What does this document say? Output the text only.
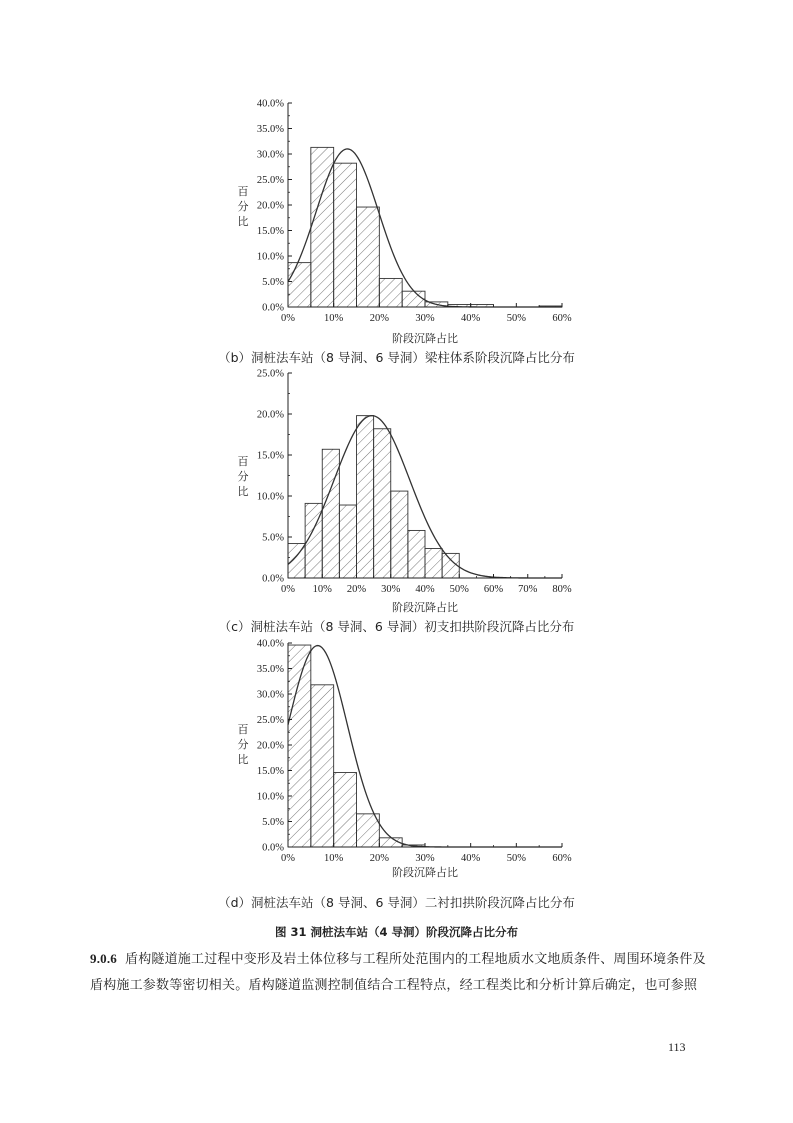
0.0%
5.0%
10.0%
15.0%
20.0%
25.0%
30.0%
35.0%
40.0%
0%	10%	20%	30%	40%	50%	60%
百
分
比
阶段沉降占比
（b）洞桩法车站（8 导洞、6 导洞）梁柱体系阶段沉降占比分布
0.0%
5.0%
10.0%
15.0%
20.0%
25.0%
0% 10% 20% 30% 40% 50% 60% 70% 80%
百
分
比
阶段沉降占比
（c）洞桩法车站（8 导洞、6 导洞）初支扣拱阶段沉降占比分布
0.0%
5.0%
10.0%
15.0%
20.0%
25.0%
30.0%
35.0%
40.0%
0%	10%	20%	30%	40%	50%	60%
百
分
比
阶段沉降占比
（d）洞桩法车站（8 导洞、6 导洞）二衬扣拱阶段沉降占比分布
图 31 洞桩法车站（4 导洞）阶段沉降占比分布
9.0.6 盾构隧道施工过程中变形及岩土体位移与工程所处范围内的工程地质水文地质条件、周围环境条件及
盾构施工参数等密切相关。盾构隧道监测控制值结合工程特点，经工程类比和分析计算后确定，也可参照
113
